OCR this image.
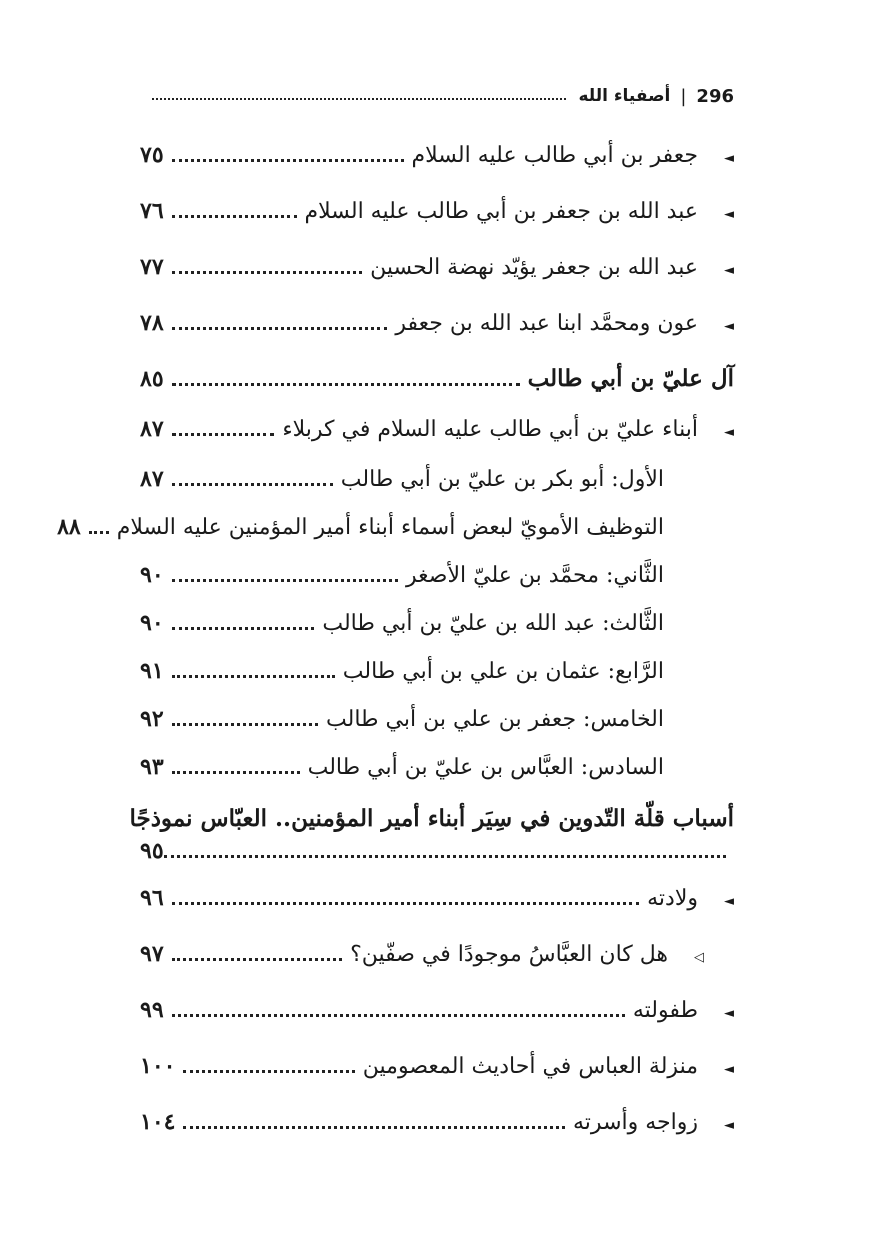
296
|
أصفياء الله
◄
جعفر بن أبي طالب عليه السلام
٧٥
◄
عبد الله بن جعفر بن أبي طالب عليه السلام
٧٦
◄
عبد الله بن جعفر يؤيّد نهضة الحسين
٧٧
◄
عون ومحمَّد ابنا عبد الله بن جعفر
٧٨
آل عليّ بن أبي طالب
٨٥
◄
أبناء عليّ بن أبي طالب عليه السلام في كربلاء
٨٧
الأول: أبو بكر بن عليّ بن أبي طالب
٨٧
التوظيف الأمويّ لبعض أسماء أبناء أمير المؤمنين عليه السلام
٨٨
الثَّاني: محمَّد بن عليّ الأصغر
٩٠
الثَّالث: عبد الله بن عليّ بن أبي طالب
٩٠
الرَّابع: عثمان بن علي بن أبي طالب
٩١
الخامس: جعفر بن علي بن أبي طالب
٩٢
السادس: العبَّاس بن عليّ بن أبي طالب
٩٣
أسباب قلّة التّدوين في سِيَر أبناء أمير المؤمنين.. العبّاس نموذجًا
٩٥
◄
ولادته
٩٦
◁
هل كان العبَّاسُ موجودًا في صفّين؟
٩٧
◄
طفولته
٩٩
◄
منزلة العباس في أحاديث المعصومين
١٠٠
◄
زواجه وأسرته
١٠٤
